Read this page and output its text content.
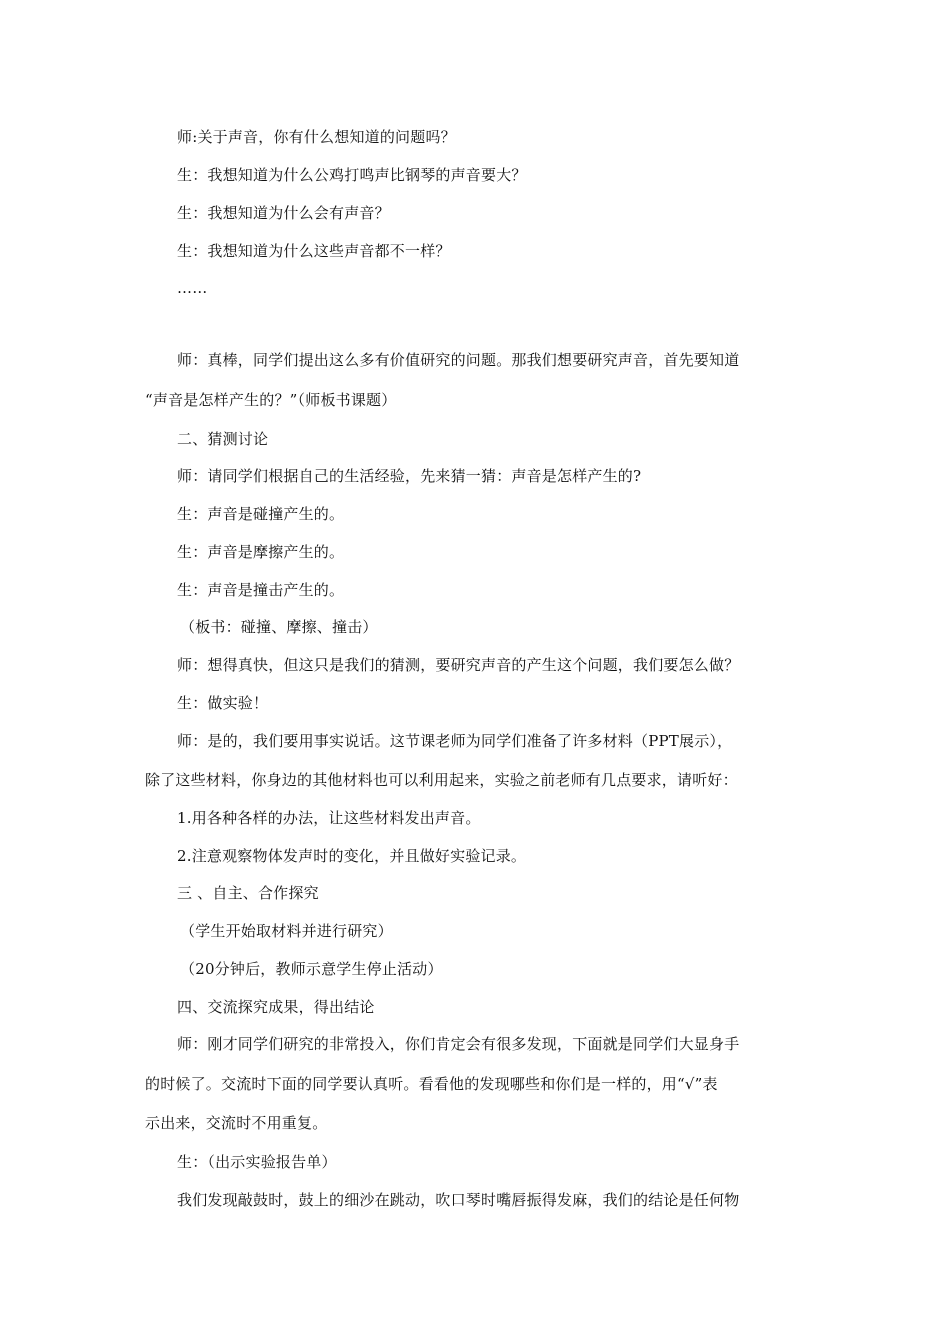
师:关于声音，你有什么想知道的问题吗？
生：我想知道为什么公鸡打鸣声比钢琴的声音要大？
生：我想知道为什么会有声音？
生：我想知道为什么这些声音都不一样？
……
师：真棒，同学们提出这么多有价值研究的问题。那我们想要研究声音，首先要知道
“声音是怎样产生的？”（师板书课题）
二、猜测讨论
师：请同学们根据自己的生活经验，先来猜一猜：声音是怎样产生的?
生：声音是碰撞产生的。
生：声音是摩擦产生的。
生：声音是撞击产生的。
（板书：碰撞、摩擦、撞击）
师：想得真快，但这只是我们的猜测，要研究声音的产生这个问题，我们要怎么做？
生：做实验！
师：是的，我们要用事实说话。这节课老师为同学们准备了许多材料（PPT展示），
除了这些材料，你身边的其他材料也可以利用起来，实验之前老师有几点要求，请听好：
1.用各种各样的办法，让这些材料发出声音。
2.注意观察物体发声时的变化，并且做好实验记录。
三 、自主、合作探究
（学生开始取材料并进行研究）
（20分钟后，教师示意学生停止活动）
四、交流探究成果，得出结论
师：刚才同学们研究的非常投入，你们肯定会有很多发现，下面就是同学们大显身手
的时候了。交流时下面的同学要认真听。看看他的发现哪些和你们是一样的，用“√”表
示出来，交流时不用重复。
生：（出示实验报告单）
我们发现敲鼓时，鼓上的细沙在跳动，吹口琴时嘴唇振得发麻，我们的结论是任何物
